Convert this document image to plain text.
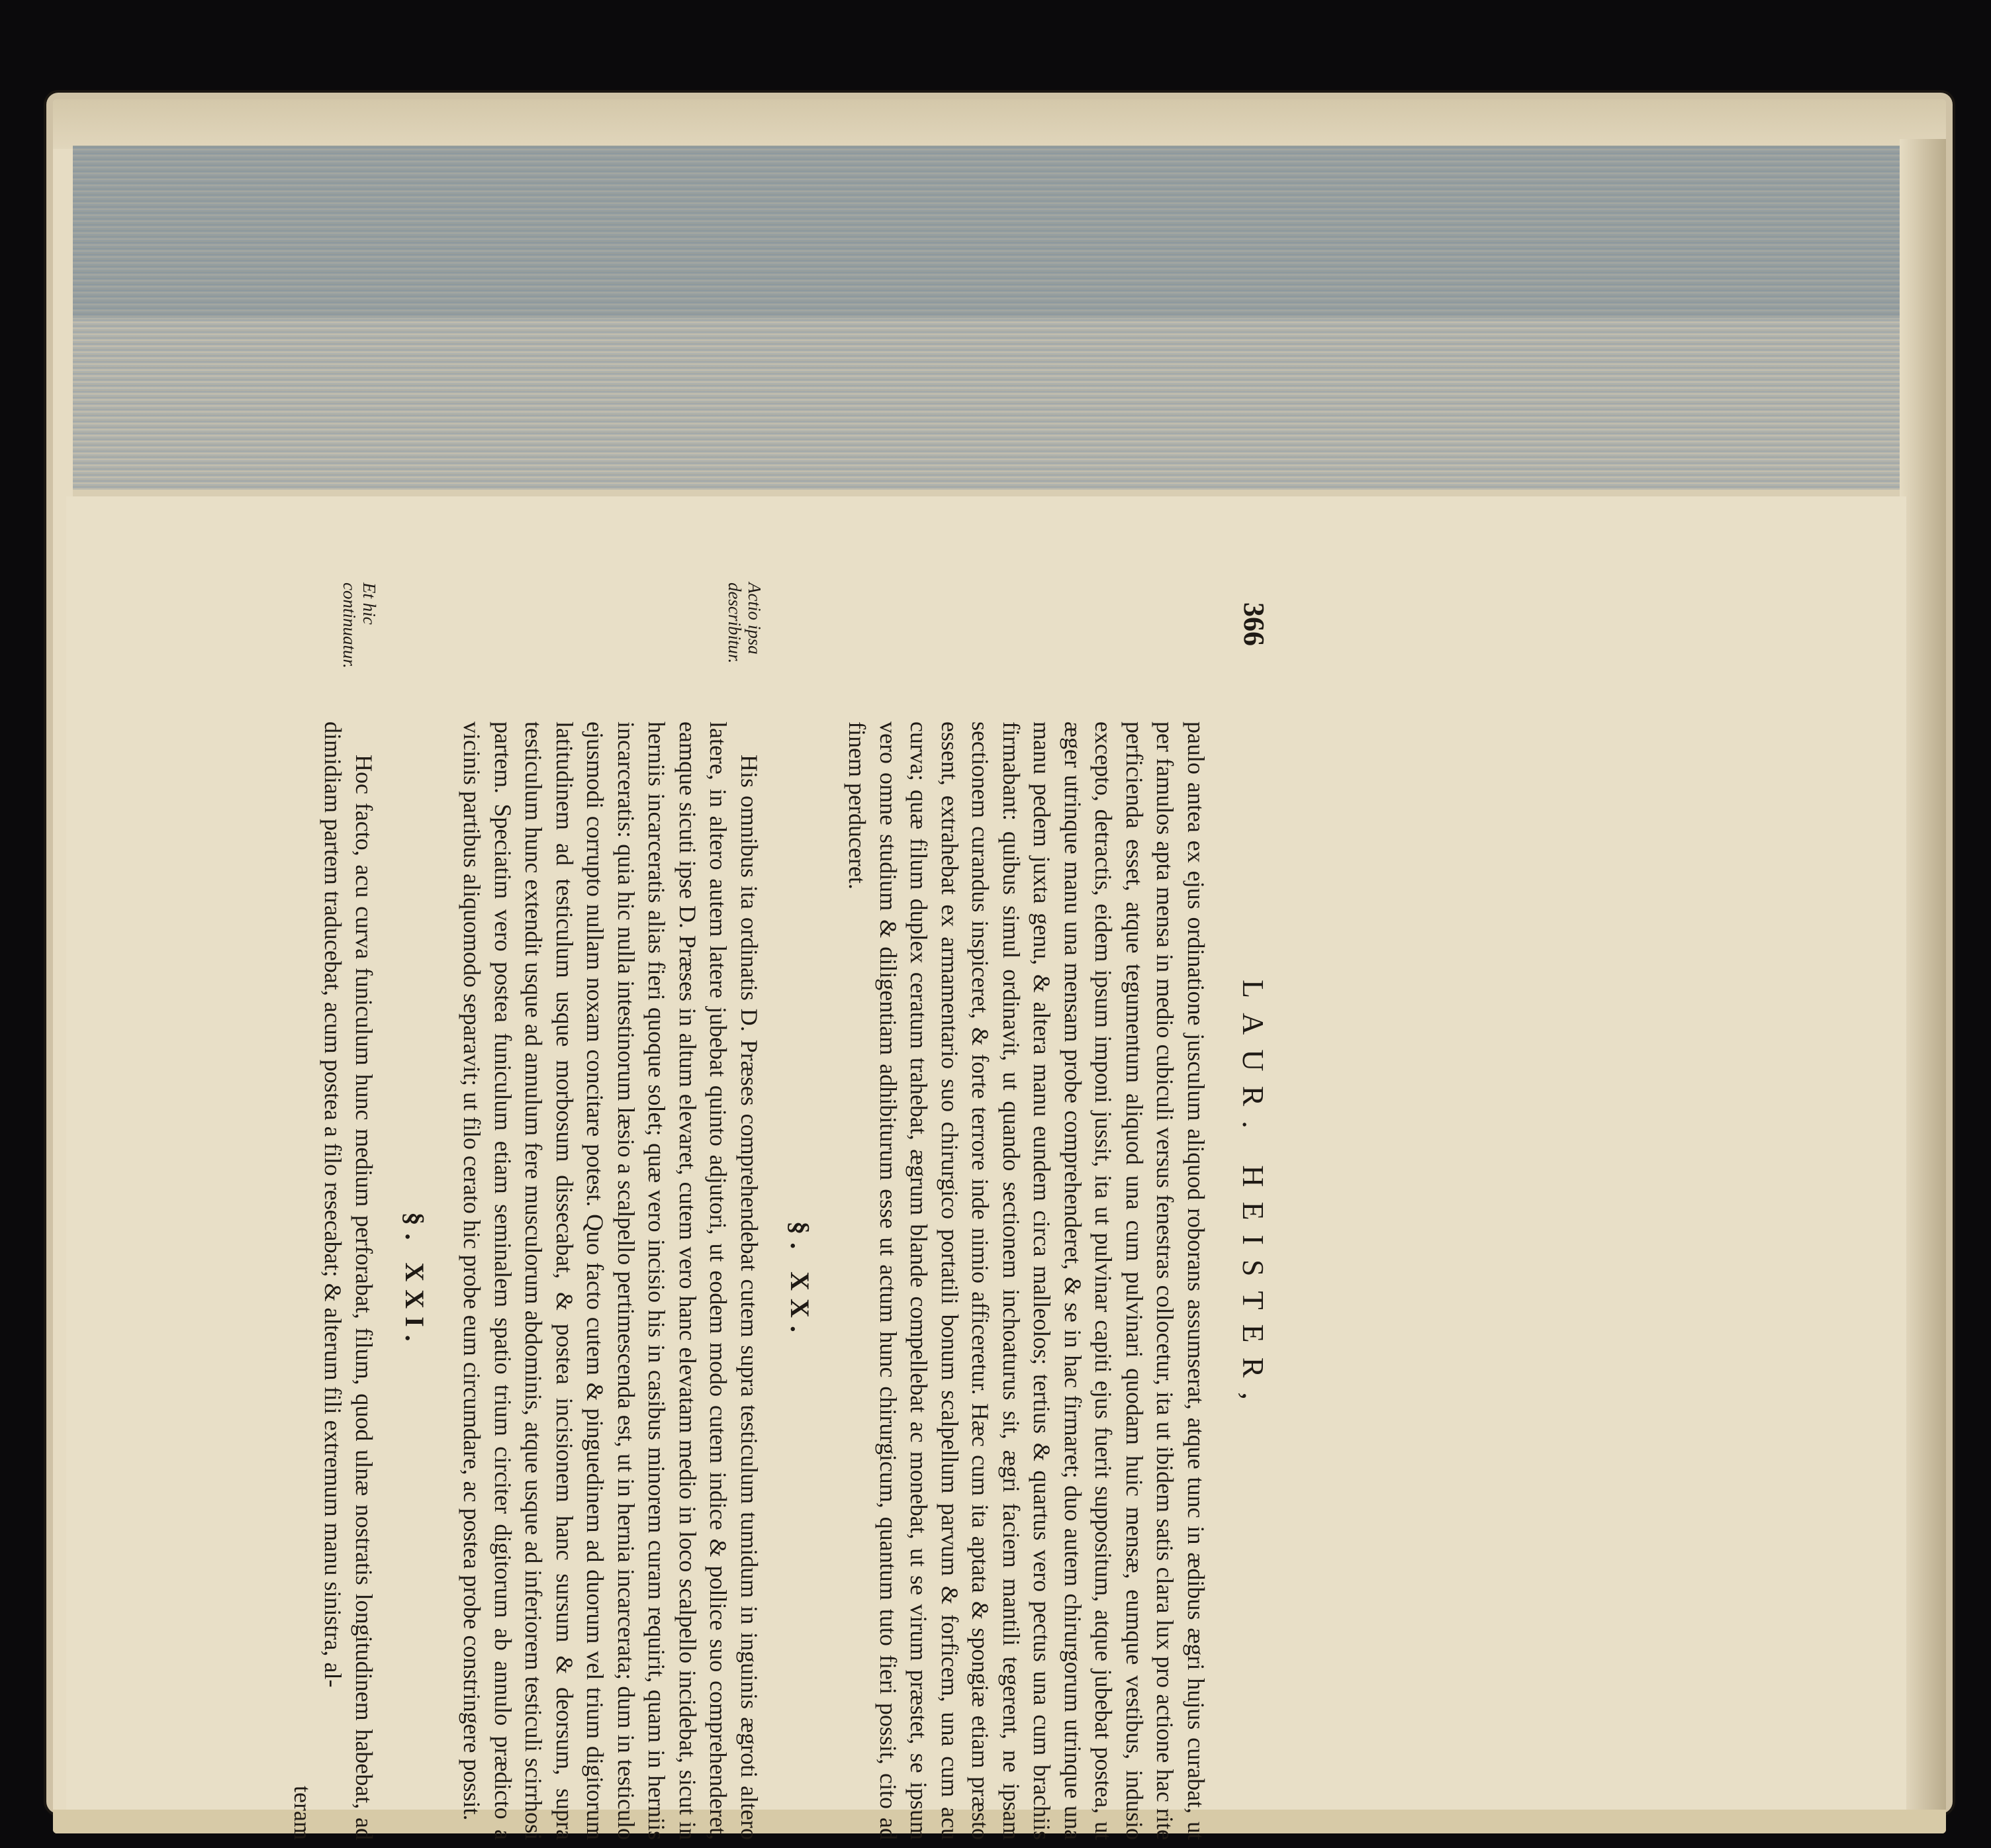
366
LAUR. HEISTER,

paulo antea ex ejus ordinatione jusculum aliquod roborans assumserat, atque tunc in ædibus ægri hujus curabat, ut per famulos apta mensa in medio cubiculi versus fenestras collocetur, ita ut ibidem satis clara lux pro actione hac rite perficienda esset, atque tegumentum aliquod una cum pulvinari quodam huic mensæ, eumque vestibus, indusio excepto, detractis, eidem ipsum imponi jussit, ita ut pulvinar capiti ejus fuerit suppositum, atque jubebat postea, ut æger utrinque manu una mensam probe comprehenderet, & se in hac firmaret; duo autem chirurgorum utrinque una manu pedem juxta genu, & altera manu eundem circa malleolos; tertius & quartus vero pectus una cum brachiis firmabant: quibus simul ordinavit, ut quando sectionem inchoaturus sit, ægri faciem mantili tegerent, ne ipsam sectionem curandus inspiceret, & forte terrore inde nimio afficeretur. Hæc cum ita aptata & spongiæ etiam præsto essent, extrahebat ex armamentario suo chirurgico portatili bonum scalpellum parvum & forficem, una cum acu curva; quæ filum duplex ceratum trahebat, ægrum blande compellebat ac monebat, ut se virum præstet, se ipsum vero omne studium & diligentiam adhibiturum esse ut actum hunc chirurgicum, quantum tuto fieri possit, cito ad finem perduceret.

§. XX.
Actio ipsa describitur.

His omnibus ita ordinatis D. Præses comprehendebat cutem supra testiculum tumidum in inguinis ægroti altero latere, in altero autem latere jubebat quinto adjutori, ut eodem modo cutem indice & pollice suo comprehenderet, eamque sicuti ipse D. Præses in altum elevaret, cutem vero hanc elevatam medio in loco scalpello incidebat, sicut in herniis incarceratis alias fieri quoque solet; quæ vero incisio his in casibus minorem curam requirit, quam in herniis incarceratis: quia hic nulla intestinorum læsio a scalpello pertimescenda est, ut in hernia incarcerata; dum in testiculo ejusmodi corrupto nullam noxam concitare potest. Quo facto cutem & pinguedinem ad duorum vel trium digitorum latitudinem ad testiculum usque morbosum dissecabat, & postea incisionem hanc sursum & deorsum, supra testiculum hunc extendit usque ad annulum fere musculorum abdominis, atque usque ad inferiorem testiculi scirrhosi partem. Speciatim vero postea funiculum etiam seminalem spatio trium circiter digitorum ab annulo prædicto a vicinis partibus aliquomodo separavit; ut filo cerato hic probe eum circumdare, ac postea probe constringere possit.

§. XXI.
Et hic continuatur.

Hoc facto, acu curva funiculum hunc medium perforabat, filum, quod ulnæ nostratis longitudinem habebat, ad dimidiam partem traducebat, acum postea a filo resecabat; & alterum fili extremum manu sinistra, al-

teram
